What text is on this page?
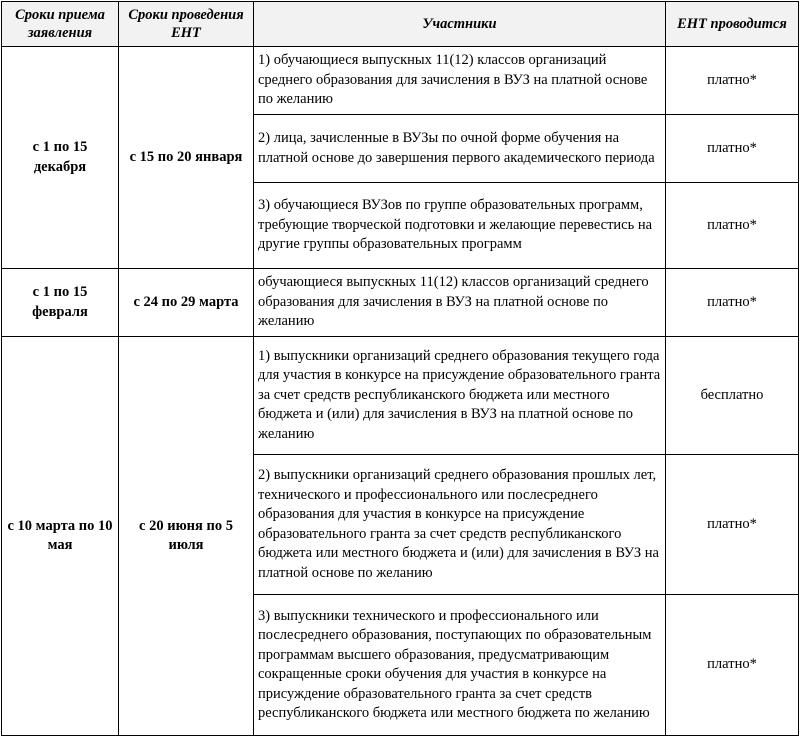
Сроки приема заявления	Сроки проведения ЕНТ	Участники	ЕНТ проводится
с 1 по 15 декабря	с 15 по 20 января	1) обучающиеся выпускных 11(12) классов организаций среднего образования для зачисления в ВУЗ на платной основе по желанию	платно*
		2) лица, зачисленные в ВУЗы по очной форме обучения на платной основе до завершения первого академического периода	платно*
		3) обучающиеся ВУЗов по группе образовательных программ, требующие творческой подготовки и желающие перевестись на другие группы образовательных программ	платно*
с 1 по 15 февраля	с 24 по 29 марта	обучающиеся выпускных 11(12) классов организаций среднего образования для зачисления в ВУЗ на платной основе по желанию	платно*
с 10 марта по 10 мая	с 20 июня по 5 июля	1) выпускники организаций среднего образования текущего года для участия в конкурсе на присуждение образовательного гранта за счет средств республиканского бюджета или местного бюджета и (или) для зачисления в ВУЗ на платной основе по желанию	бесплатно
		2) выпускники организаций среднего образования прошлых лет, технического и профессионального или послесреднего образования для участия в конкурсе на присуждение образовательного гранта за счет средств республиканского бюджета или местного бюджета и (или) для зачисления в ВУЗ на платной основе по желанию	платно*
		3) выпускники технического и профессионального или послесреднего образования, поступающих по образовательным программам высшего образования, предусматривающим сокращенные сроки обучения для участия в конкурсе на присуждение образовательного гранта за счет средств республиканского бюджета или местного бюджета по желанию	платно*
